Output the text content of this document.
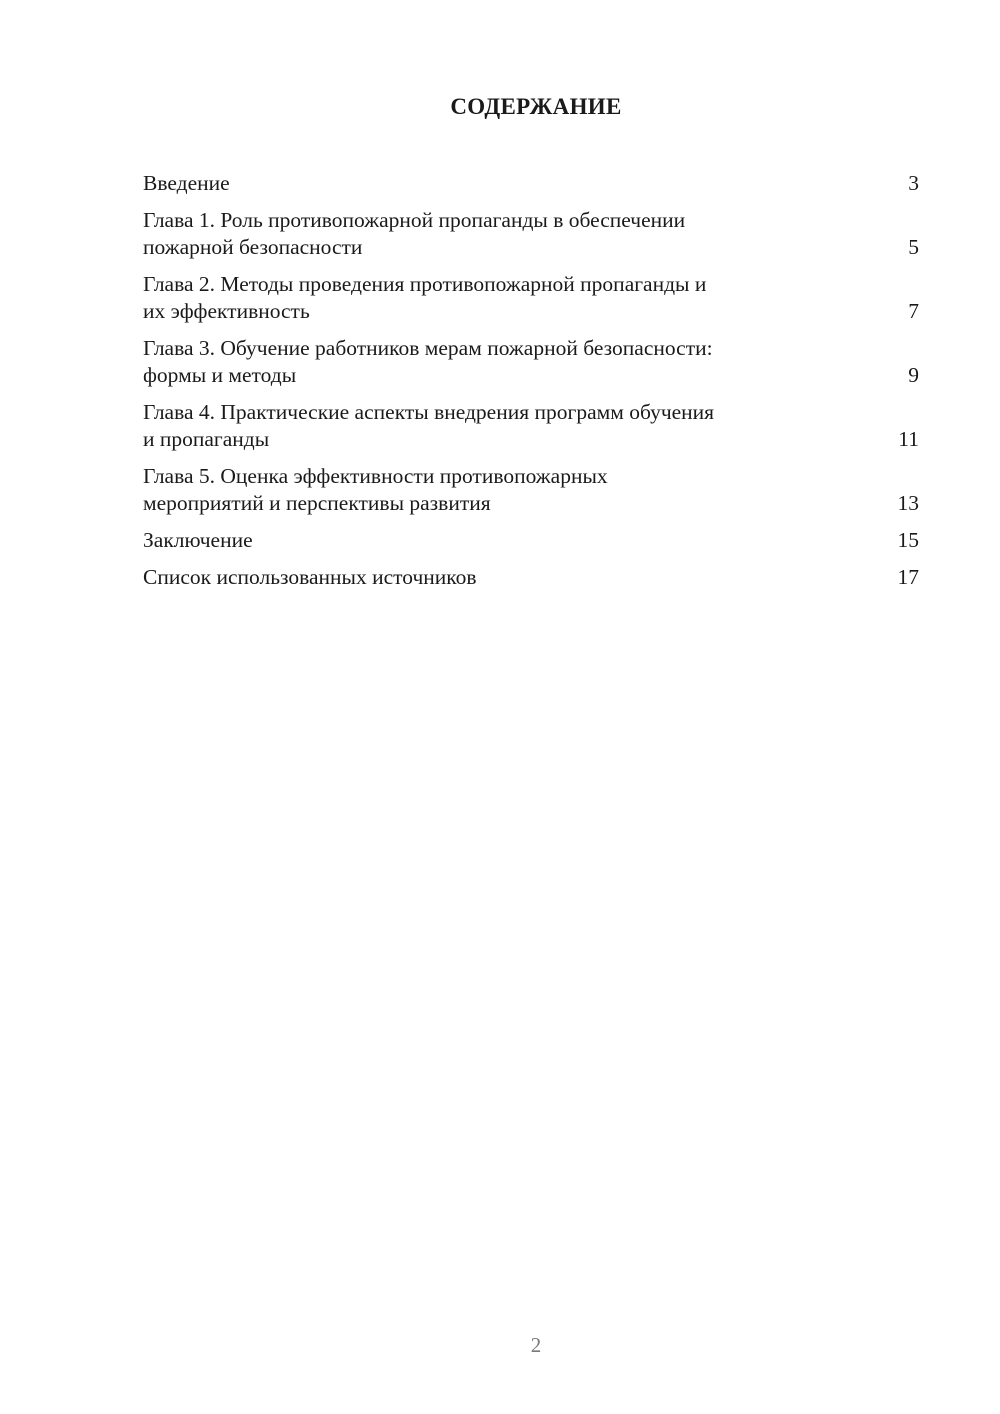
СОДЕРЖАНИЕ
Введение	3
Глава 1. Роль противопожарной пропаганды в обеспечении
пожарной безопасности	5
Глава 2. Методы проведения противопожарной пропаганды и
их эффективность	7
Глава 3. Обучение работников мерам пожарной безопасности:
формы и методы	9
Глава 4. Практические аспекты внедрения программ обучения
и пропаганды	11
Глава 5. Оценка эффективности противопожарных
мероприятий и перспективы развития	13
Заключение	15
Список использованных источников	17
2
